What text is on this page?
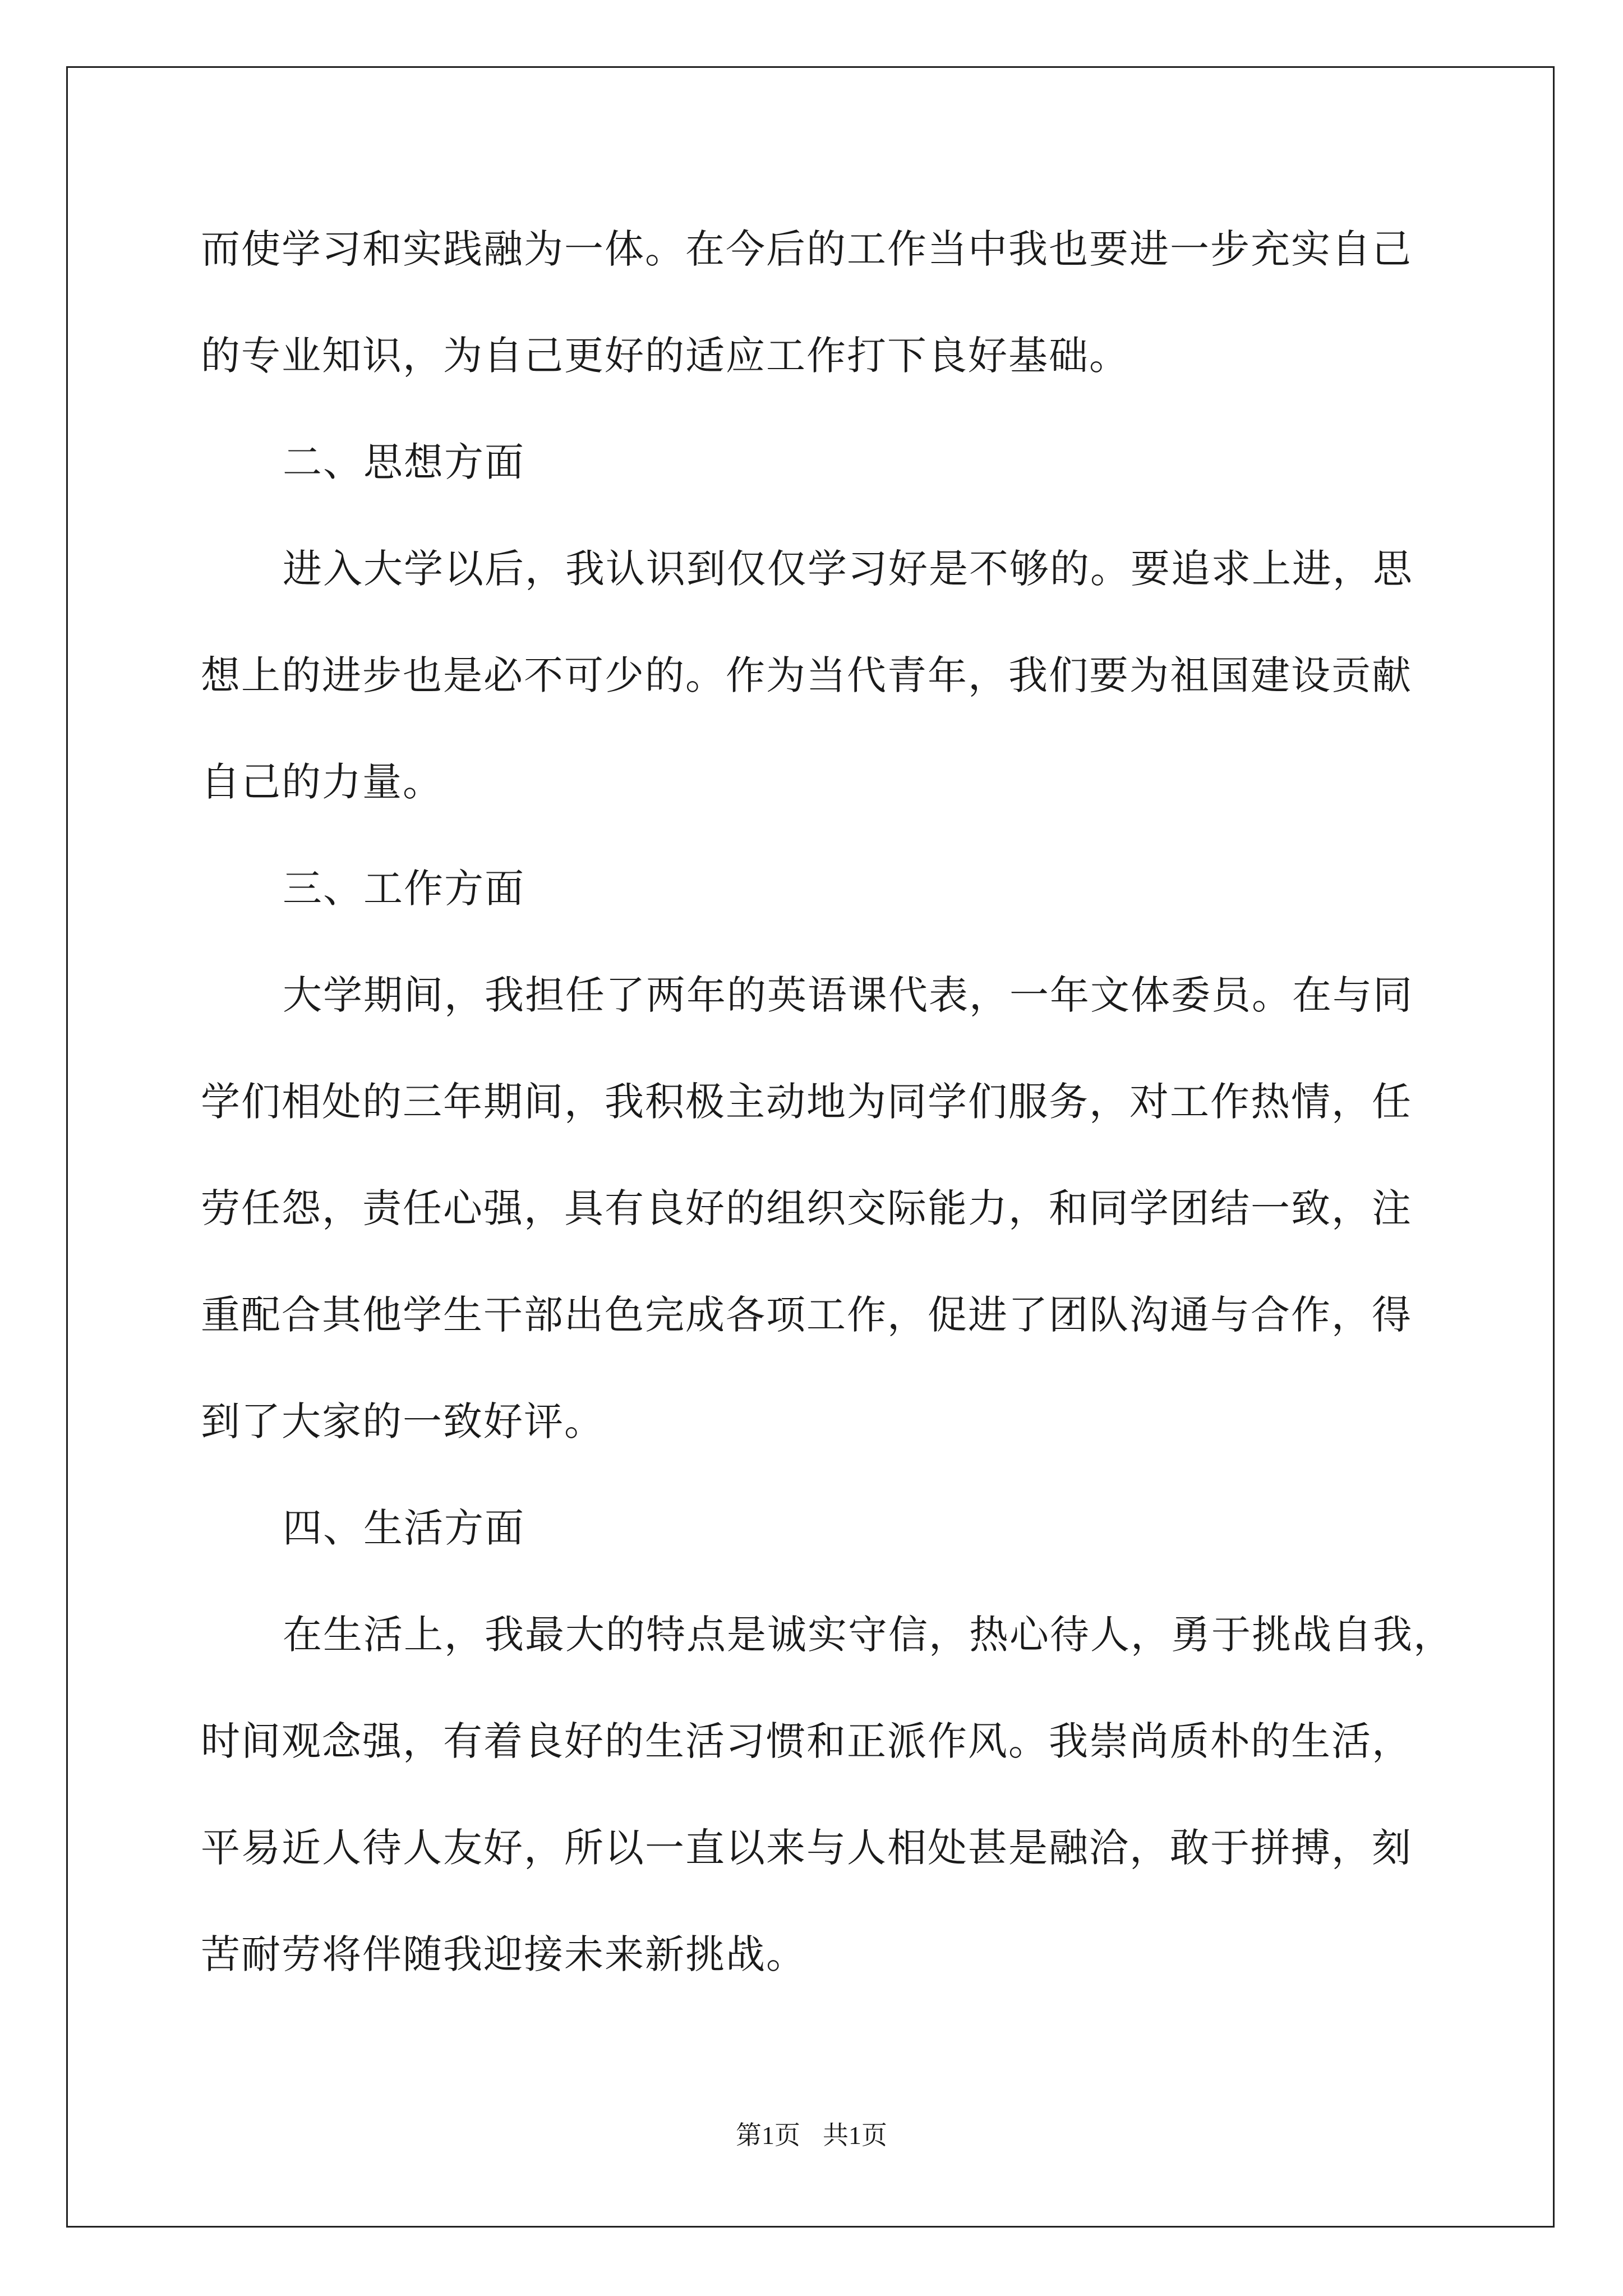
而使学习和实践融为一体。在今后的工作当中我也要进一步充实自己
的专业知识，为自己更好的适应工作打下良好基础。
二、思想方面
进入大学以后，我认识到仅仅学习好是不够的。要追求上进，思
想上的进步也是必不可少的。作为当代青年，我们要为祖国建设贡献
自己的力量。
三、工作方面
大学期间，我担任了两年的英语课代表，一年文体委员。在与同
学们相处的三年期间，我积极主动地为同学们服务，对工作热情，任
劳任怨，责任心强，具有良好的组织交际能力，和同学团结一致，注
重配合其他学生干部出色完成各项工作，促进了团队沟通与合作，得
到了大家的一致好评。
四、生活方面
在生活上，我最大的特点是诚实守信，热心待人，勇于挑战自我，
时间观念强，有着良好的生活习惯和正派作风。我崇尚质朴的生活，
平易近人待人友好，所以一直以来与人相处甚是融洽，敢于拼搏，刻
苦耐劳将伴随我迎接未来新挑战。
第1页 共1页
